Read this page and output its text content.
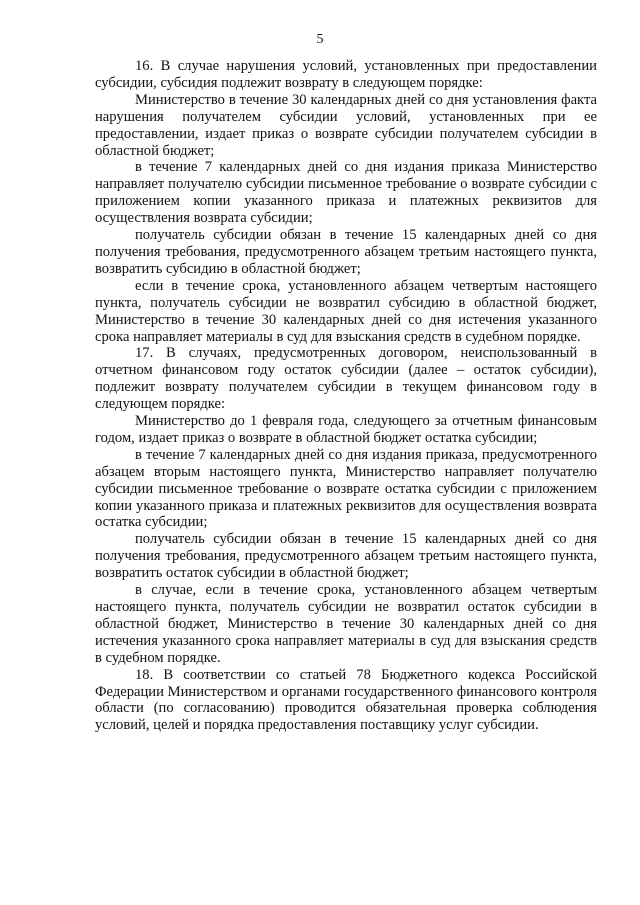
5

16. В случае нарушения условий, установленных при предоставлении субсидии, субсидия подлежит возврату в следующем порядке:

Министерство в течение 30 календарных дней со дня установления факта нарушения получателем субсидии условий, установленных при ее предоставлении, издает приказ о возврате субсидии получателем субсидии в областной бюджет;

в течение 7 календарных дней со дня издания приказа Министерство направляет получателю субсидии письменное требование о возврате субсидии с приложением копии указанного приказа и платежных реквизитов для осуществления возврата субсидии;

получатель субсидии обязан в течение 15 календарных дней со дня получения требования, предусмотренного абзацем третьим настоящего пункта, возвратить субсидию в областной бюджет;

если в течение срока, установленного абзацем четвертым настоящего пункта, получатель субсидии не возвратил субсидию в областной бюджет, Министерство в течение 30 календарных дней со дня истечения указанного срока направляет материалы в суд для взыскания средств в судебном порядке.

17. В случаях, предусмотренных договором, неиспользованный в отчетном финансовом году остаток субсидии (далее – остаток субсидии), подлежит возврату получателем субсидии в текущем финансовом году в следующем порядке:

Министерство до 1 февраля года, следующего за отчетным финансовым годом, издает приказ о возврате в областной бюджет остатка субсидии;

в течение 7 календарных дней со дня издания приказа, предусмотренного абзацем вторым настоящего пункта, Министерство направляет получателю субсидии письменное требование о возврате остатка субсидии с приложением копии указанного приказа и платежных реквизитов для осуществления возврата остатка субсидии;

получатель субсидии обязан в течение 15 календарных дней со дня получения требования, предусмотренного абзацем третьим настоящего пункта, возвратить остаток субсидии в областной бюджет;

в случае, если в течение срока, установленного абзацем четвертым настоящего пункта, получатель субсидии не возвратил остаток субсидии в областной бюджет, Министерство в течение 30 календарных дней со дня истечения указанного срока направляет материалы в суд для взыскания средств в судебном порядке.

18. В соответствии со статьей 78 Бюджетного кодекса Российской Федерации Министерством и органами государственного финансового контроля области (по согласованию) проводится обязательная проверка соблюдения условий, целей и порядка предоставления поставщику услуг субсидии.
